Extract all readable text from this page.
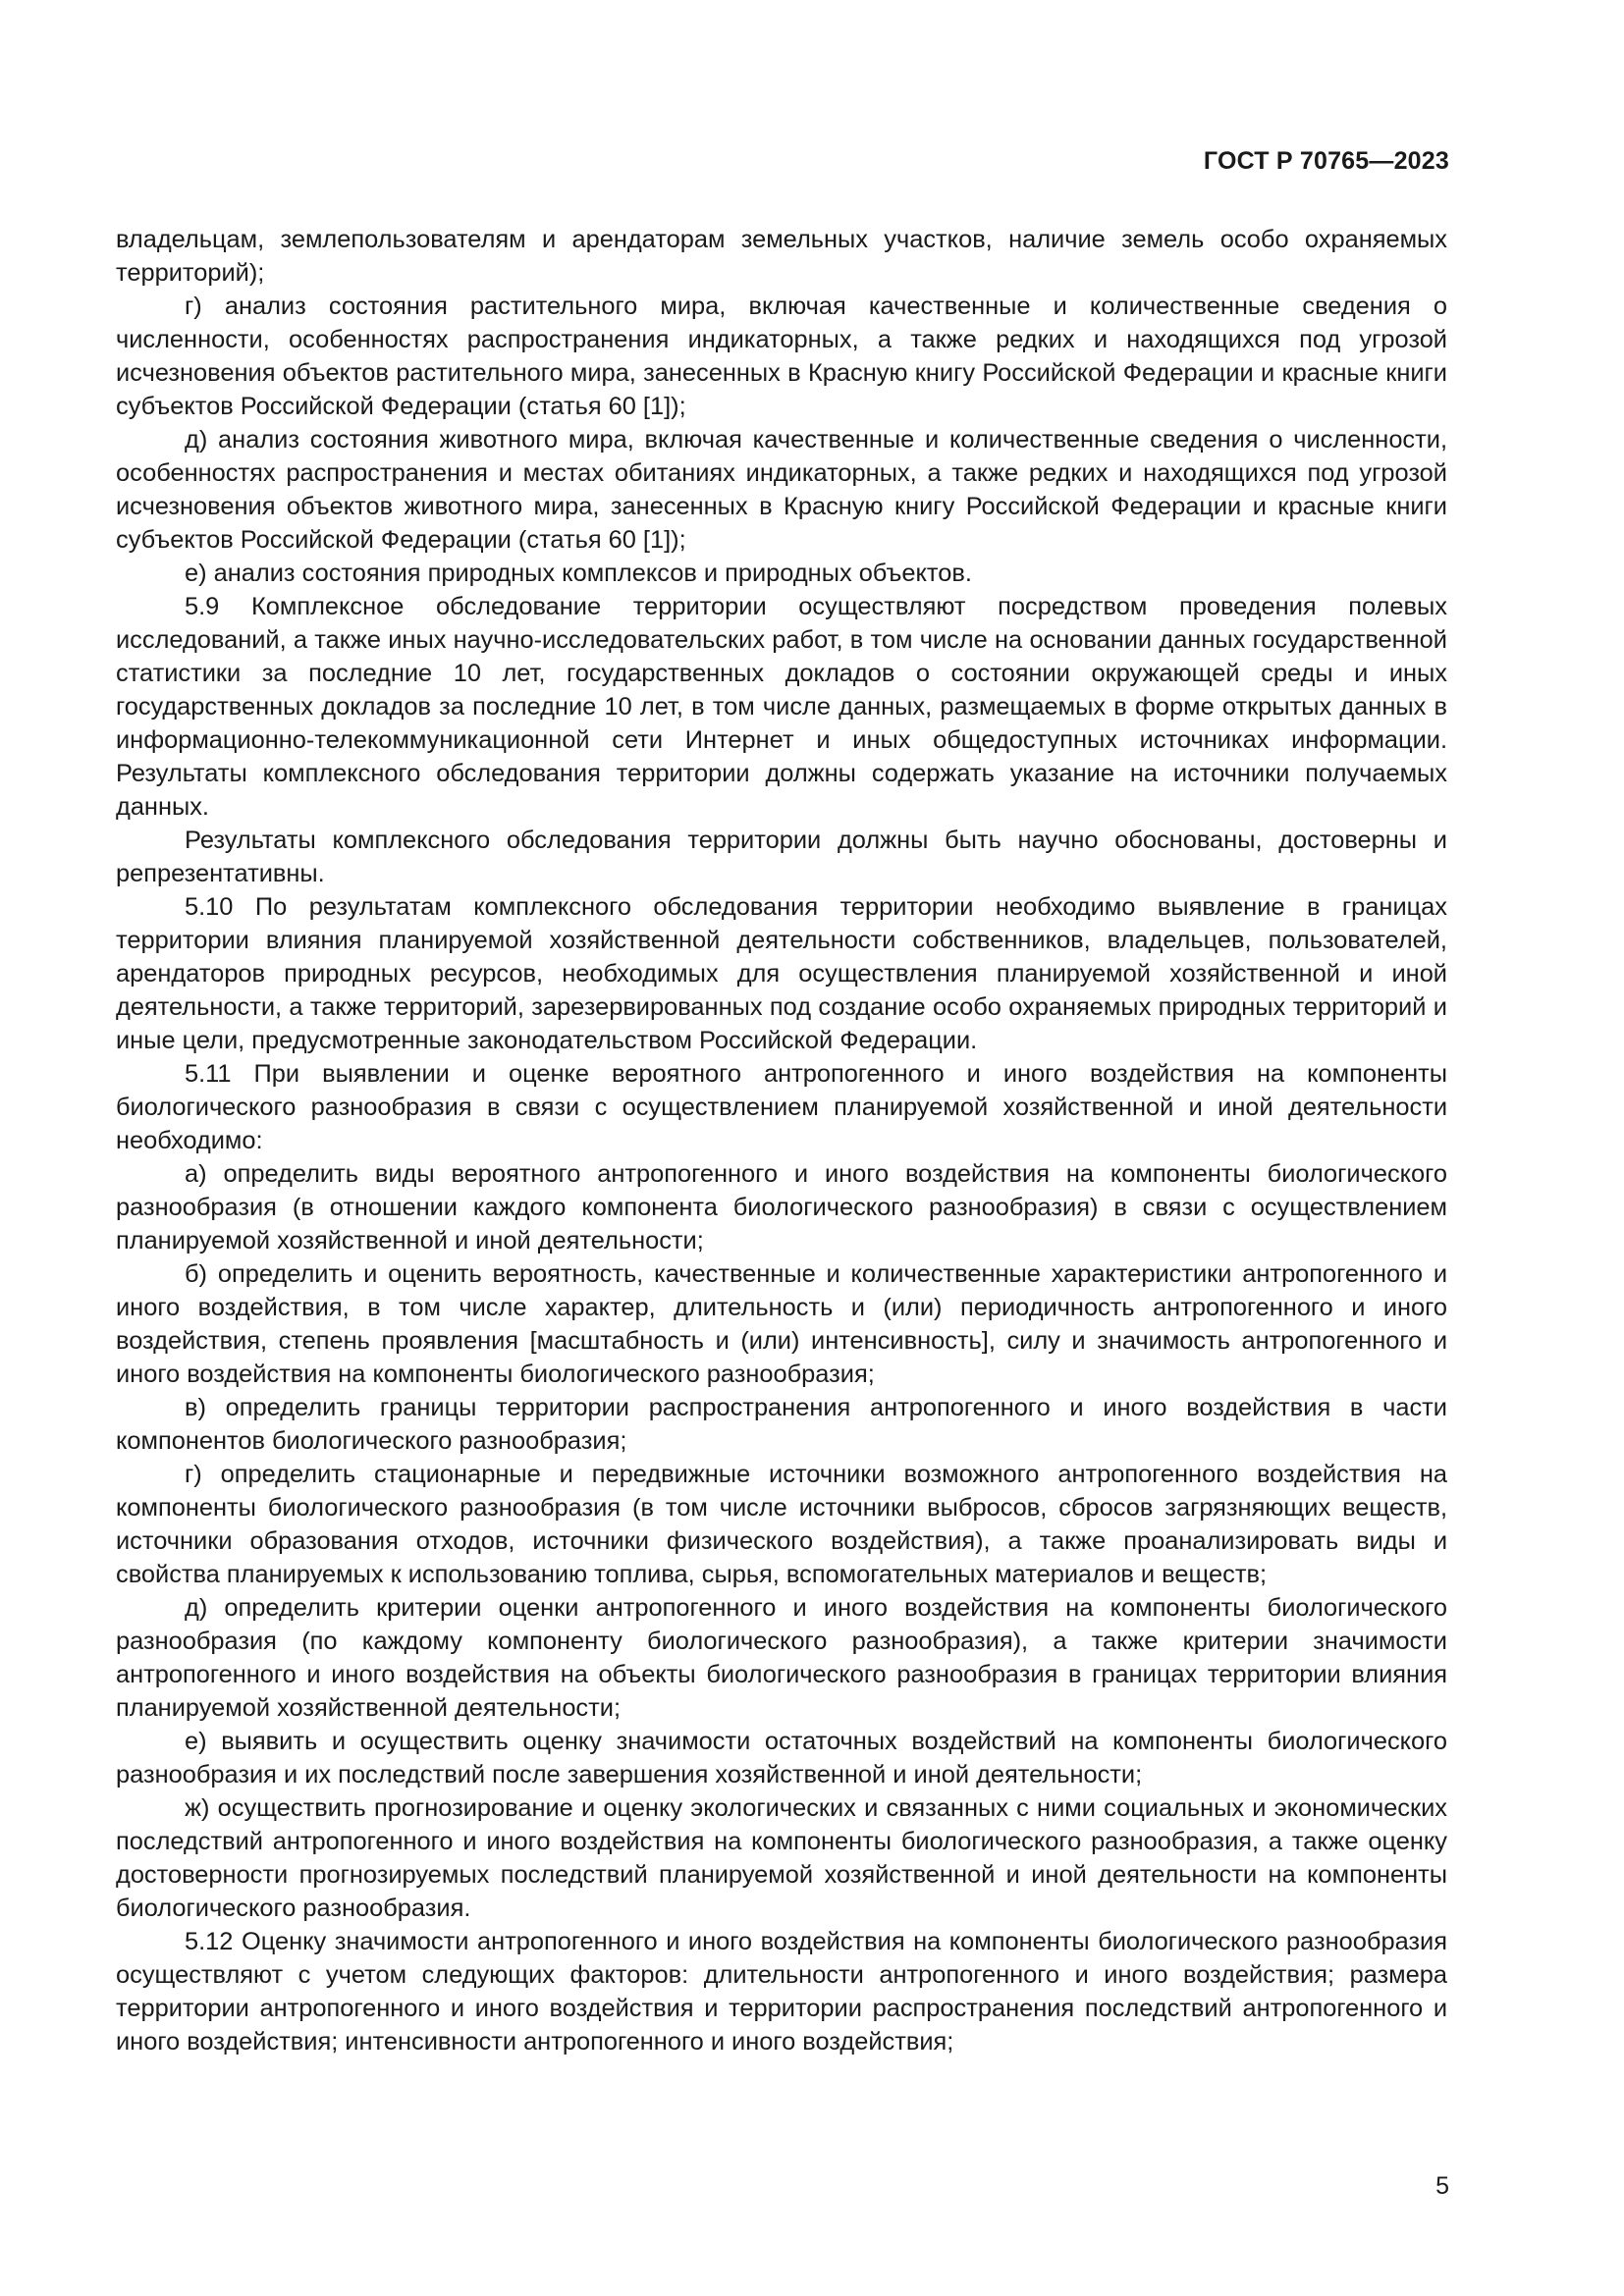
ГОСТ Р 70765—2023

владельцам, землепользователям и арендаторам земельных участков, наличие земель особо охраняемых территорий);

г) анализ состояния растительного мира, включая качественные и количественные сведения о численности, особенностях распространения индикаторных, а также редких и находящихся под угрозой исчезновения объектов растительного мира, занесенных в Красную книгу Российской Федерации и красные книги субъектов Российской Федерации (статья 60 [1]);

д) анализ состояния животного мира, включая качественные и количественные сведения о численности, особенностях распространения и местах обитаниях индикаторных, а также редких и находящихся под угрозой исчезновения объектов животного мира, занесенных в Красную книгу Российской Федерации и красные книги субъектов Российской Федерации (статья 60 [1]);

е) анализ состояния природных комплексов и природных объектов.

5.9 Комплексное обследование территории осуществляют посредством проведения полевых исследований, а также иных научно-исследовательских работ, в том числе на основании данных государственной статистики за последние 10 лет, государственных докладов о состоянии окружающей среды и иных государственных докладов за последние 10 лет, в том числе данных, размещаемых в форме открытых данных в информационно-телекоммуникационной сети Интернет и иных общедоступных источниках информации. Результаты комплексного обследования территории должны содержать указание на источники получаемых данных.

Результаты комплексного обследования территории должны быть научно обоснованы, достоверны и репрезентативны.

5.10 По результатам комплексного обследования территории необходимо выявление в границах территории влияния планируемой хозяйственной деятельности собственников, владельцев, пользователей, арендаторов природных ресурсов, необходимых для осуществления планируемой хозяйственной и иной деятельности, а также территорий, зарезервированных под создание особо охраняемых природных территорий и иные цели, предусмотренные законодательством Российской Федерации.

5.11 При выявлении и оценке вероятного антропогенного и иного воздействия на компоненты биологического разнообразия в связи с осуществлением планируемой хозяйственной и иной деятельности необходимо:

а) определить виды вероятного антропогенного и иного воздействия на компоненты биологического разнообразия (в отношении каждого компонента биологического разнообразия) в связи с осуществлением планируемой хозяйственной и иной деятельности;

б) определить и оценить вероятность, качественные и количественные характеристики антропогенного и иного воздействия, в том числе характер, длительность и (или) периодичность антропогенного и иного воздействия, степень проявления [масштабность и (или) интенсивность], силу и значимость антропогенного и иного воздействия на компоненты биологического разнообразия;

в) определить границы территории распространения антропогенного и иного воздействия в части компонентов биологического разнообразия;

г) определить стационарные и передвижные источники возможного антропогенного воздействия на компоненты биологического разнообразия (в том числе источники выбросов, сбросов загрязняющих веществ, источники образования отходов, источники физического воздействия), а также проанализировать виды и свойства планируемых к использованию топлива, сырья, вспомогательных материалов и веществ;

д) определить критерии оценки антропогенного и иного воздействия на компоненты биологического разнообразия (по каждому компоненту биологического разнообразия), а также критерии значимости антропогенного и иного воздействия на объекты биологического разнообразия в границах территории влияния планируемой хозяйственной деятельности;

е) выявить и осуществить оценку значимости остаточных воздействий на компоненты биологического разнообразия и их последствий после завершения хозяйственной и иной деятельности;

ж) осуществить прогнозирование и оценку экологических и связанных с ними социальных и экономических последствий антропогенного и иного воздействия на компоненты биологического разнообразия, а также оценку достоверности прогнозируемых последствий планируемой хозяйственной и иной деятельности на компоненты биологического разнообразия.

5.12 Оценку значимости антропогенного и иного воздействия на компоненты биологического разнообразия осуществляют с учетом следующих факторов: длительности антропогенного и иного воздействия; размера территории антропогенного и иного воздействия и территории распространения последствий антропогенного и иного воздействия; интенсивности антропогенного и иного воздействия;

5
